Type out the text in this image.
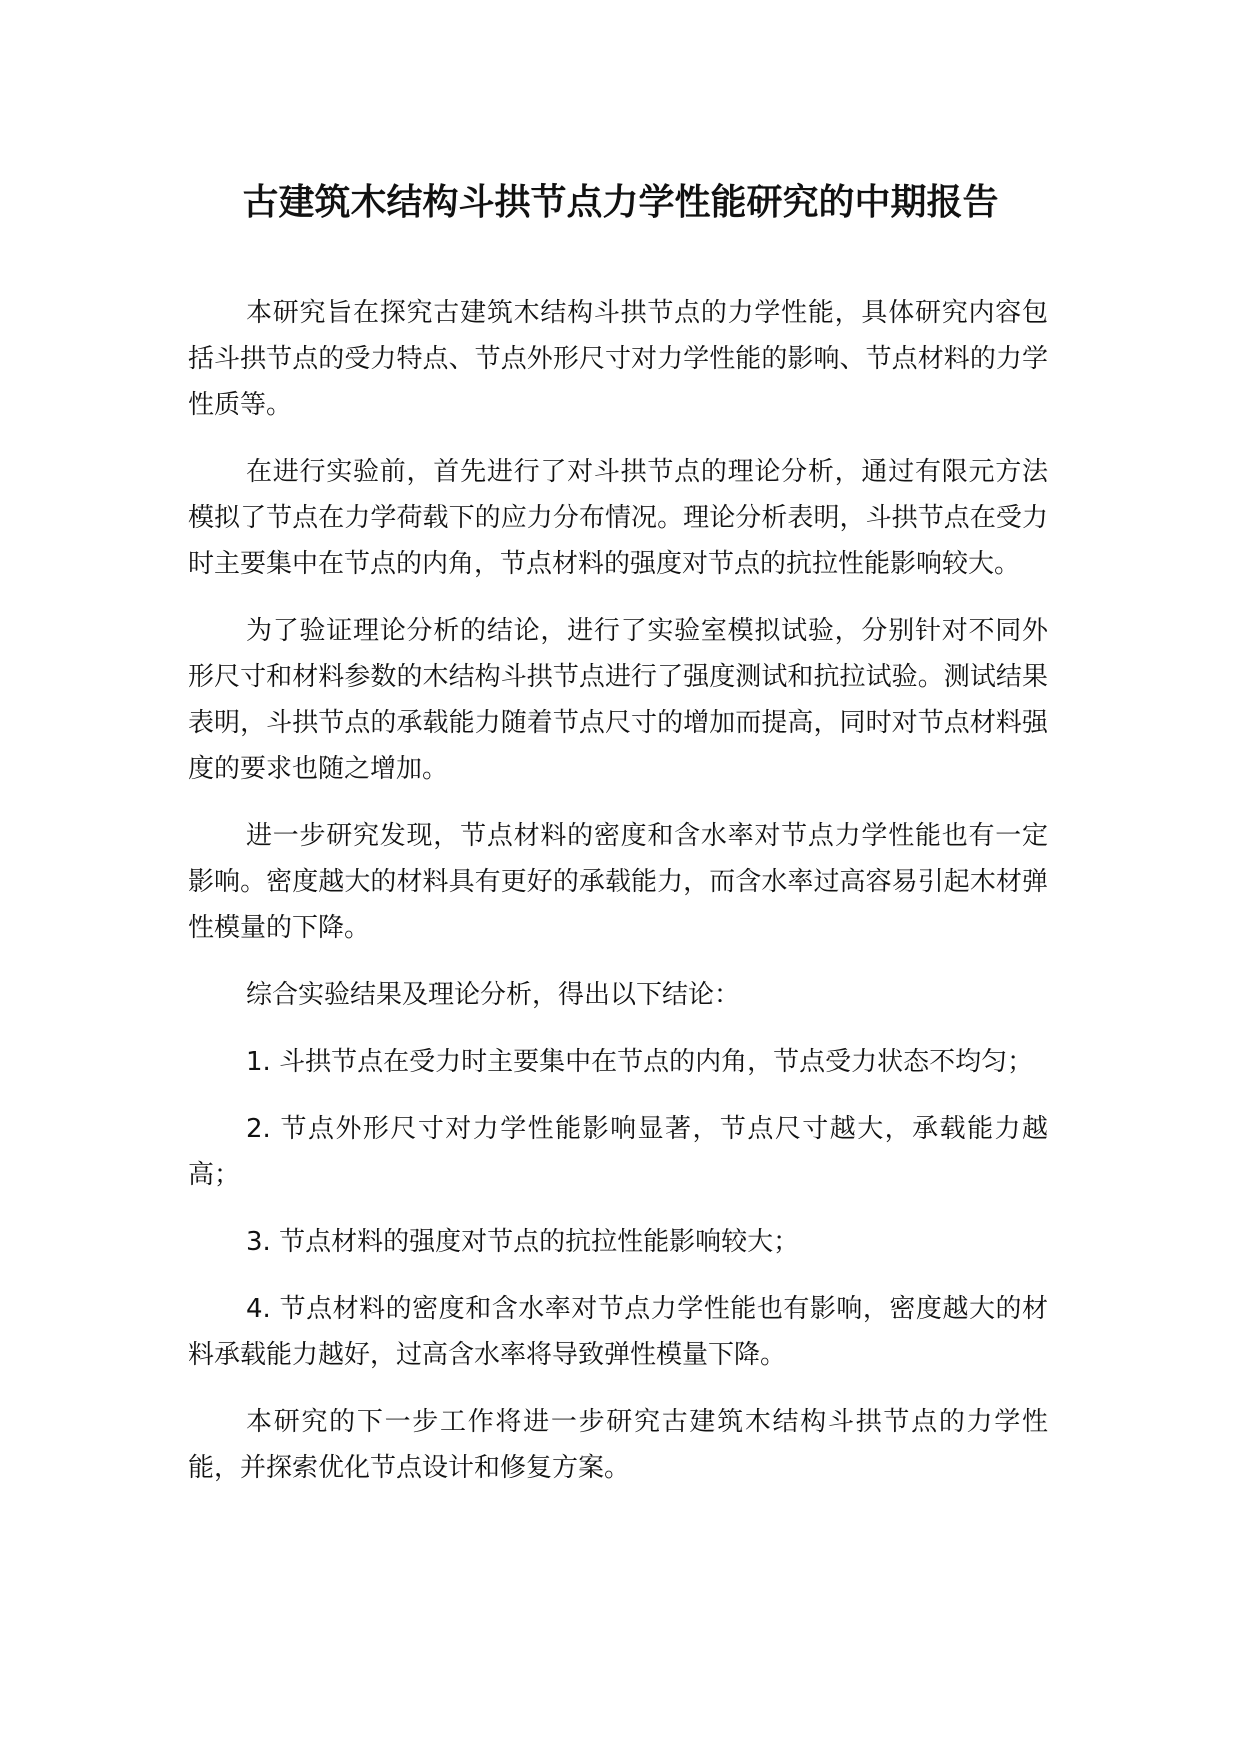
古建筑木结构斗拱节点力学性能研究的中期报告

本研究旨在探究古建筑木结构斗拱节点的力学性能，具体研究内容包括斗拱节点的受力特点、节点外形尺寸对力学性能的影响、节点材料的力学性质等。

在进行实验前，首先进行了对斗拱节点的理论分析，通过有限元方法模拟了节点在力学荷载下的应力分布情况。理论分析表明，斗拱节点在受力时主要集中在节点的内角，节点材料的强度对节点的抗拉性能影响较大。

为了验证理论分析的结论，进行了实验室模拟试验，分别针对不同外形尺寸和材料参数的木结构斗拱节点进行了强度测试和抗拉试验。测试结果表明，斗拱节点的承载能力随着节点尺寸的增加而提高，同时对节点材料强度的要求也随之增加。

进一步研究发现，节点材料的密度和含水率对节点力学性能也有一定影响。密度越大的材料具有更好的承载能力，而含水率过高容易引起木材弹性模量的下降。

综合实验结果及理论分析，得出以下结论：

1. 斗拱节点在受力时主要集中在节点的内角，节点受力状态不均匀；

2. 节点外形尺寸对力学性能影响显著，节点尺寸越大，承载能力越高；

3. 节点材料的强度对节点的抗拉性能影响较大；

4. 节点材料的密度和含水率对节点力学性能也有影响，密度越大的材料承载能力越好，过高含水率将导致弹性模量下降。

本研究的下一步工作将进一步研究古建筑木结构斗拱节点的力学性能，并探索优化节点设计和修复方案。
